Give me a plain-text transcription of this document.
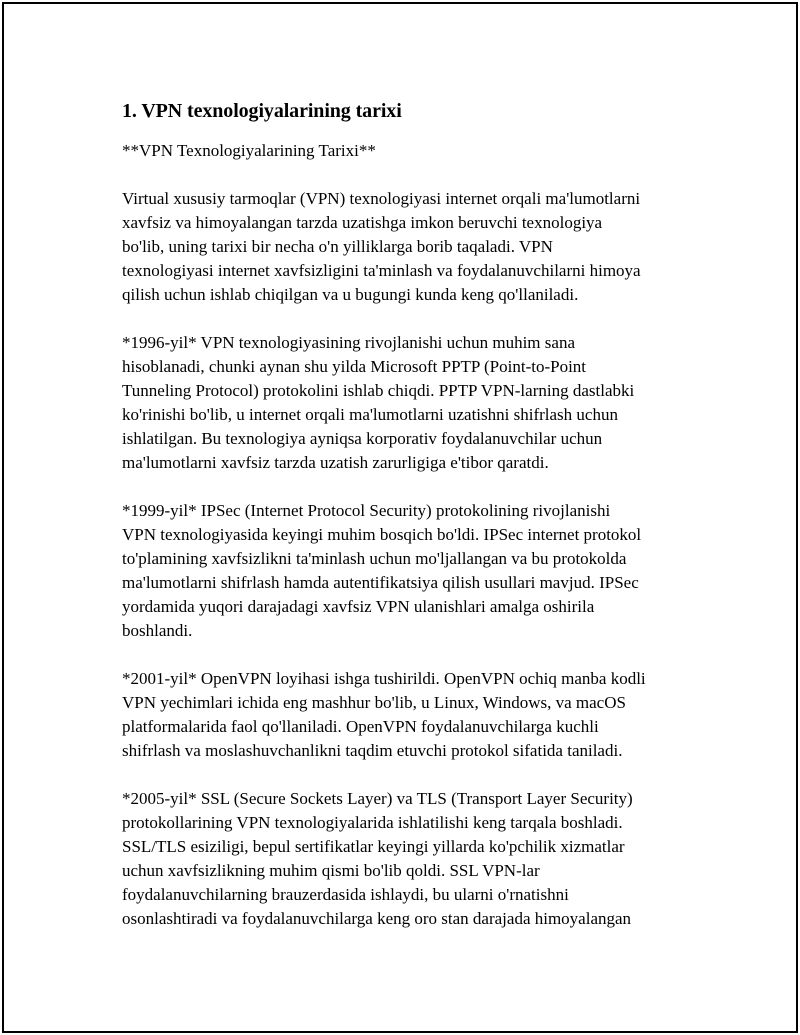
1. VPN texnologiyalarining tarixi

**VPN Texnologiyalarining Tarixi**

Virtual xususiy tarmoqlar (VPN) texnologiyasi internet orqali ma'lumotlarni
xavfsiz va himoyalangan tarzda uzatishga imkon beruvchi texnologiya
bo'lib, uning tarixi bir necha o'n yilliklarga borib taqaladi. VPN
texnologiyasi internet xavfsizligini ta'minlash va foydalanuvchilarni himoya
qilish uchun ishlab chiqilgan va u bugungi kunda keng qo'llaniladi.

*1996-yil* VPN texnologiyasining rivojlanishi uchun muhim sana
hisoblanadi, chunki aynan shu yilda Microsoft PPTP (Point-to-Point
Tunneling Protocol) protokolini ishlab chiqdi. PPTP VPN-larning dastlabki
ko'rinishi bo'lib, u internet orqali ma'lumotlarni uzatishni shifrlash uchun
ishlatilgan. Bu texnologiya ayniqsa korporativ foydalanuvchilar uchun
ma'lumotlarni xavfsiz tarzda uzatish zarurligiga e'tibor qaratdi.

*1999-yil* IPSec (Internet Protocol Security) protokolining rivojlanishi
VPN texnologiyasida keyingi muhim bosqich bo'ldi. IPSec internet protokol
to'plamining xavfsizlikni ta'minlash uchun mo'ljallangan va bu protokolda
ma'lumotlarni shifrlash hamda autentifikatsiya qilish usullari mavjud. IPSec
yordamida yuqori darajadagi xavfsiz VPN ulanishlari amalga oshirila
boshlandi.

*2001-yil* OpenVPN loyihasi ishga tushirildi. OpenVPN ochiq manba kodli
VPN yechimlari ichida eng mashhur bo'lib, u Linux, Windows, va macOS
platformalarida faol qo'llaniladi. OpenVPN foydalanuvchilarga kuchli
shifrlash va moslashuvchanlikni taqdim etuvchi protokol sifatida taniladi.

*2005-yil* SSL (Secure Sockets Layer) va TLS (Transport Layer Security)
protokollarining VPN texnologiyalarida ishlatilishi keng tarqala boshladi.
SSL/TLS esiziligi, bepul sertifikatlar keyingi yillarda ko'pchilik xizmatlar
uchun xavfsizlikning muhim qismi bo'lib qoldi. SSL VPN-lar
foydalanuvchilarning brauzerdasida ishlaydi, bu ularni o'rnatishni
osonlashtiradi va foydalanuvchilarga keng oro stan darajada himoyalangan
